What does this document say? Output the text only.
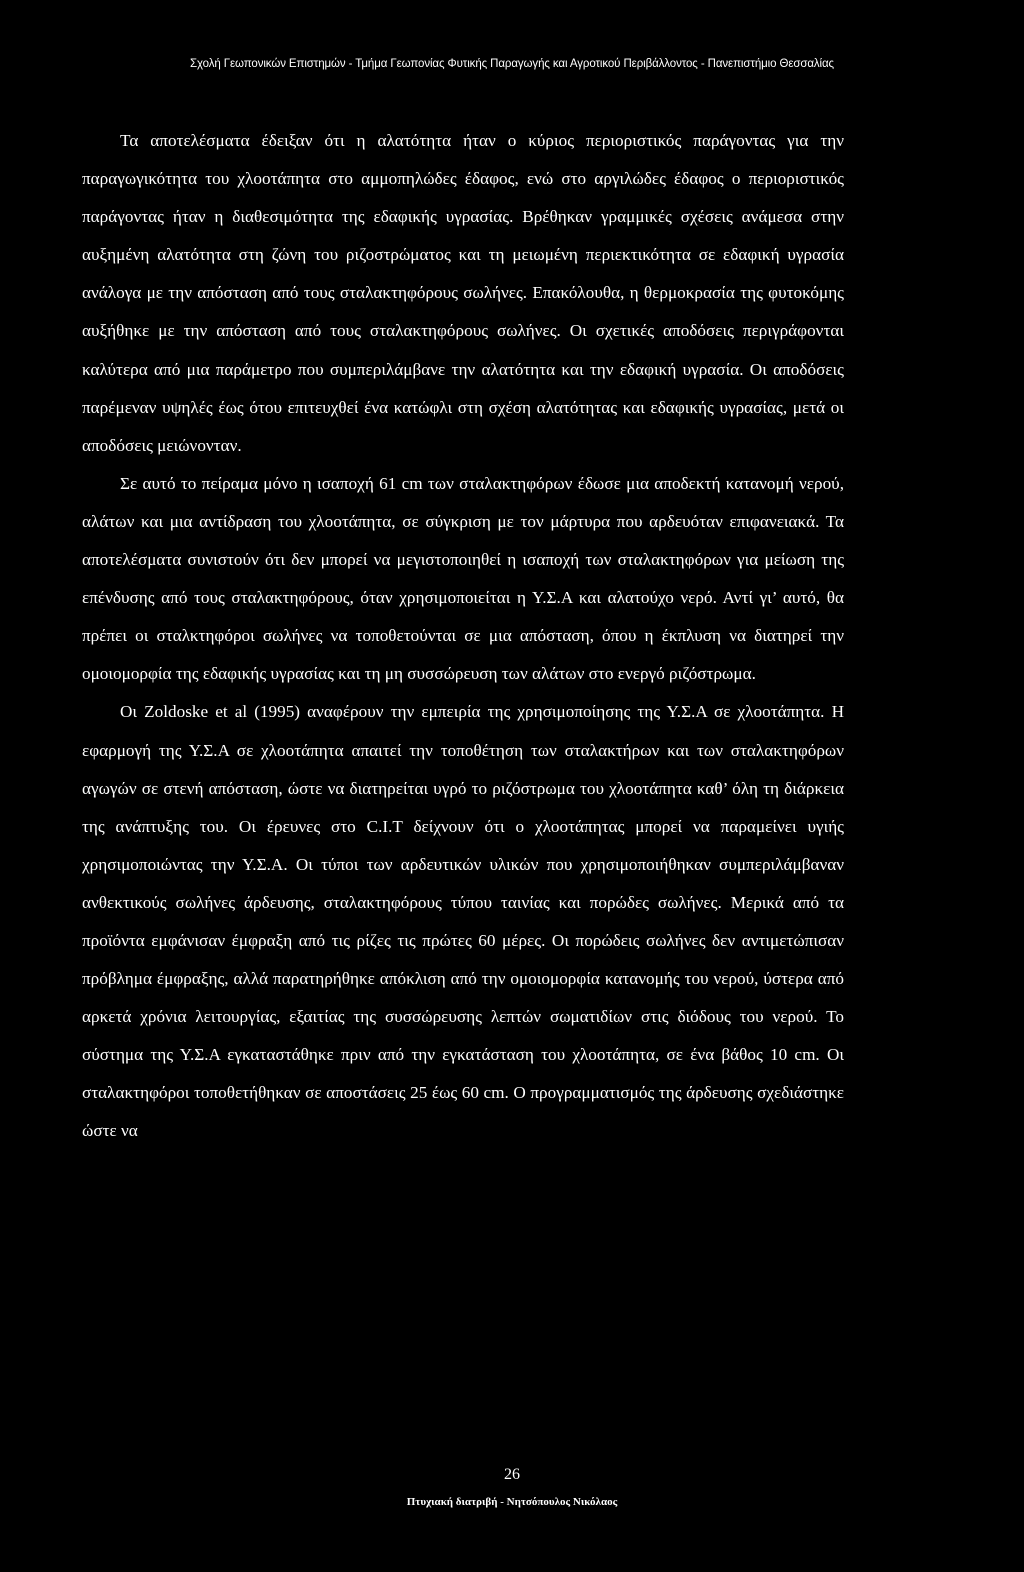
Σχολή Γεωπονικών Επιστημών - Τμήμα Γεωπονίας Φυτικής Παραγωγής και Αγροτικού Περιβάλλοντος - Πανεπιστήμιο Θεσσαλίας

Τα αποτελέσματα έδειξαν ότι η αλατότητα ήταν ο κύριος περιοριστικός παράγοντας για την παραγωγικότητα του χλοοτάπητα στο αμμοπηλώδες έδαφος, ενώ στο αργιλώδες έδαφος ο περιοριστικός παράγοντας ήταν η διαθεσιμότητα της εδαφικής υγρασίας. Βρέθηκαν γραμμικές σχέσεις ανάμεσα στην αυξημένη αλατότητα στη ζώνη του ριζοστρώματος και τη μειωμένη περιεκτικότητα σε εδαφική υγρασία ανάλογα με την απόσταση από τους σταλακτηφόρους σωλήνες. Επακόλουθα, η θερμοκρασία της φυτοκόμης αυξήθηκε με την απόσταση από τους σταλακτηφόρους σωλήνες. Οι σχετικές αποδόσεις περιγράφονται καλύτερα από μια παράμετρο που συμπεριλάμβανε την αλατότητα και την εδαφική υγρασία. Οι αποδόσεις παρέμεναν υψηλές έως ότου επιτευχθεί ένα κατώφλι στη σχέση αλατότητας και εδαφικής υγρασίας, μετά οι αποδόσεις μειώνονταν.

Σε αυτό το πείραμα μόνο η ισαποχή 61 cm των σταλακτηφόρων έδωσε μια αποδεκτή κατανομή νερού, αλάτων και μια αντίδραση του χλοοτάπητα, σε σύγκριση με τον μάρτυρα που αρδευόταν επιφανειακά. Τα αποτελέσματα συνιστούν ότι δεν μπορεί να μεγιστοποιηθεί η ισαποχή των σταλακτηφόρων για μείωση της επένδυσης από τους σταλακτηφόρους, όταν χρησιμοποιείται η Υ.Σ.Α και αλατούχο νερό. Αντί γι’ αυτό, θα πρέπει οι σταλκτηφόροι σωλήνες να τοποθετούνται σε μια απόσταση, όπου η έκπλυση να διατηρεί την ομοιομορφία της εδαφικής υγρασίας και τη μη συσσώρευση των αλάτων στο ενεργό ριζόστρωμα.

Οι Zoldoske et al (1995) αναφέρουν την εμπειρία της χρησιμοποίησης της Υ.Σ.Α σε χλοοτάπητα. Η εφαρμογή της Υ.Σ.Α σε χλοοτάπητα απαιτεί την τοποθέτηση των σταλακτήρων και των σταλακτηφόρων αγωγών σε στενή απόσταση, ώστε να διατηρείται υγρό το ριζόστρωμα του χλοοτάπητα καθ’ όλη τη διάρκεια της ανάπτυξης του. Οι έρευνες στο C.I.T δείχνουν ότι ο χλοοτάπητας μπορεί να παραμείνει υγιής χρησιμοποιώντας την Υ.Σ.Α. Οι τύποι των αρδευτικών υλικών που χρησιμοποιήθηκαν συμπεριλάμβαναν ανθεκτικούς σωλήνες άρδευσης, σταλακτηφόρους τύπου ταινίας και πορώδες σωλήνες. Μερικά από τα προϊόντα εμφάνισαν έμφραξη από τις ρίζες τις πρώτες 60 μέρες. Οι πορώδεις σωλήνες δεν αντιμετώπισαν πρόβλημα έμφραξης, αλλά παρατηρήθηκε απόκλιση από την ομοιομορφία κατανομής του νερού, ύστερα από αρκετά χρόνια λειτουργίας, εξαιτίας της συσσώρευσης λεπτών σωματιδίων στις διόδους του νερού. Το σύστημα της Υ.Σ.Α εγκαταστάθηκε πριν από την εγκατάσταση του χλοοτάπητα, σε ένα βάθος 10 cm. Οι σταλακτηφόροι τοποθετήθηκαν σε αποστάσεις 25 έως 60 cm. Ο προγραμματισμός της άρδευσης σχεδιάστηκε ώστε να

26
Πτυχιακή διατριβή - Νητσόπουλος Νικόλαος
